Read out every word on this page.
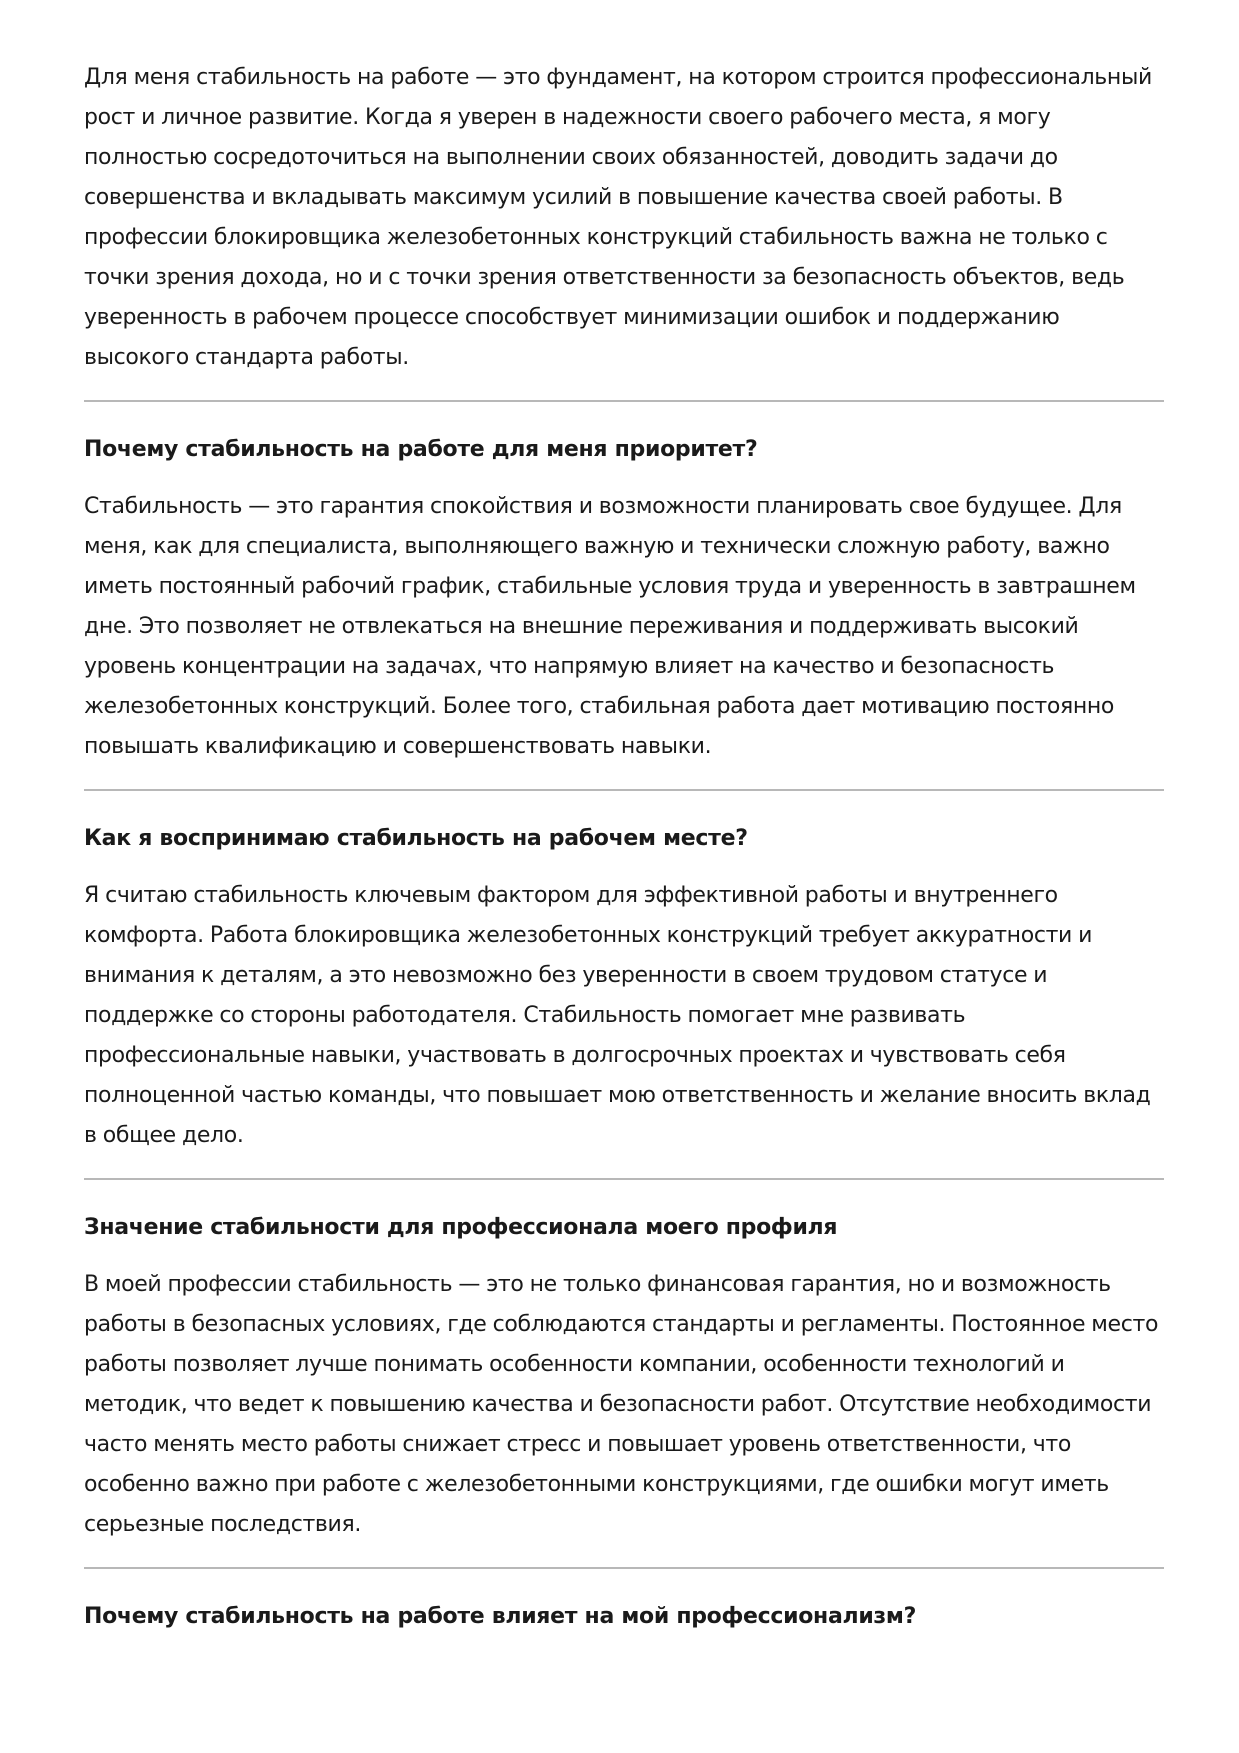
Для меня стабильность на работе — это фундамент, на котором строится профессиональный рост и личное развитие. Когда я уверен в надежности своего рабочего места, я могу полностью сосредоточиться на выполнении своих обязанностей, доводить задачи до совершенства и вкладывать максимум усилий в повышение качества своей работы. В профессии блокировщика железобетонных конструкций стабильность важна не только с точки зрения дохода, но и с точки зрения ответственности за безопасность объектов, ведь уверенность в рабочем процессе способствует минимизации ошибок и поддержанию высокого стандарта работы.

Почему стабильность на работе для меня приоритет?

Стабильность — это гарантия спокойствия и возможности планировать свое будущее. Для меня, как для специалиста, выполняющего важную и технически сложную работу, важно иметь постоянный рабочий график, стабильные условия труда и уверенность в завтрашнем дне. Это позволяет не отвлекаться на внешние переживания и поддерживать высокий уровень концентрации на задачах, что напрямую влияет на качество и безопасность железобетонных конструкций. Более того, стабильная работа дает мотивацию постоянно повышать квалификацию и совершенствовать навыки.

Как я воспринимаю стабильность на рабочем месте?

Я считаю стабильность ключевым фактором для эффективной работы и внутреннего комфорта. Работа блокировщика железобетонных конструкций требует аккуратности и внимания к деталям, а это невозможно без уверенности в своем трудовом статусе и поддержке со стороны работодателя. Стабильность помогает мне развивать профессиональные навыки, участвовать в долгосрочных проектах и чувствовать себя полноценной частью команды, что повышает мою ответственность и желание вносить вклад в общее дело.

Значение стабильности для профессионала моего профиля

В моей профессии стабильность — это не только финансовая гарантия, но и возможность работы в безопасных условиях, где соблюдаются стандарты и регламенты. Постоянное место работы позволяет лучше понимать особенности компании, особенности технологий и методик, что ведет к повышению качества и безопасности работ. Отсутствие необходимости часто менять место работы снижает стресс и повышает уровень ответственности, что особенно важно при работе с железобетонными конструкциями, где ошибки могут иметь серьезные последствия.

Почему стабильность на работе влияет на мой профессионализм?
